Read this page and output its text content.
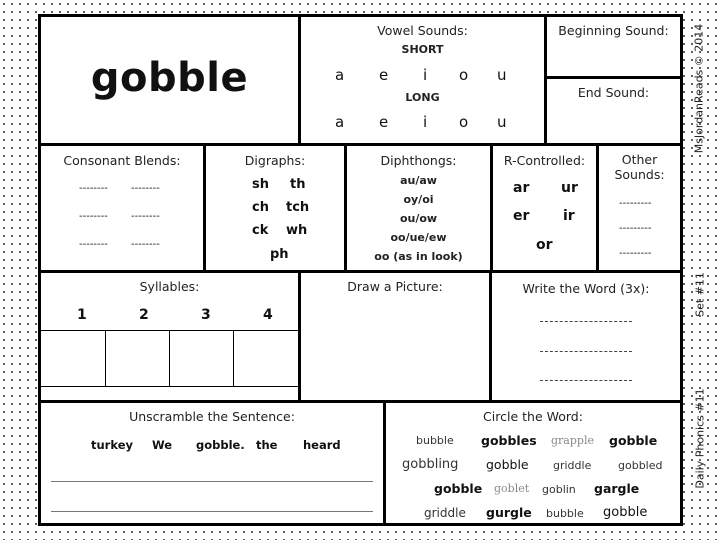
gobble
Vowel Sounds:
SHORT
a e i o u
LONG
a e i o u
Beginning Sound:
End Sound:
Consonant Blends:
-------- --------
-------- --------
-------- --------
Digraphs:
sh th
ch tch
ck wh
ph
Diphthongs:
au/aw
oy/oi
ou/ow
oo/ue/ew
oo (as in look)
R-Controlled:
ar ur
er ir
or
Other
Sounds:
---------
---------
---------
Syllables:
1	2	3	4
Draw a Picture:	Write the Word (3x):
Unscramble the Sentence:
turkey We gobble. the heard
Circle the Word:
bubble gobbles grapple gobble
gobbling gobble griddle gobbled
gobble goblet goblin gargle
griddle gurgle bubble gobble
MsJordanReads © 2014
Set #11
Daily Phonics #11
